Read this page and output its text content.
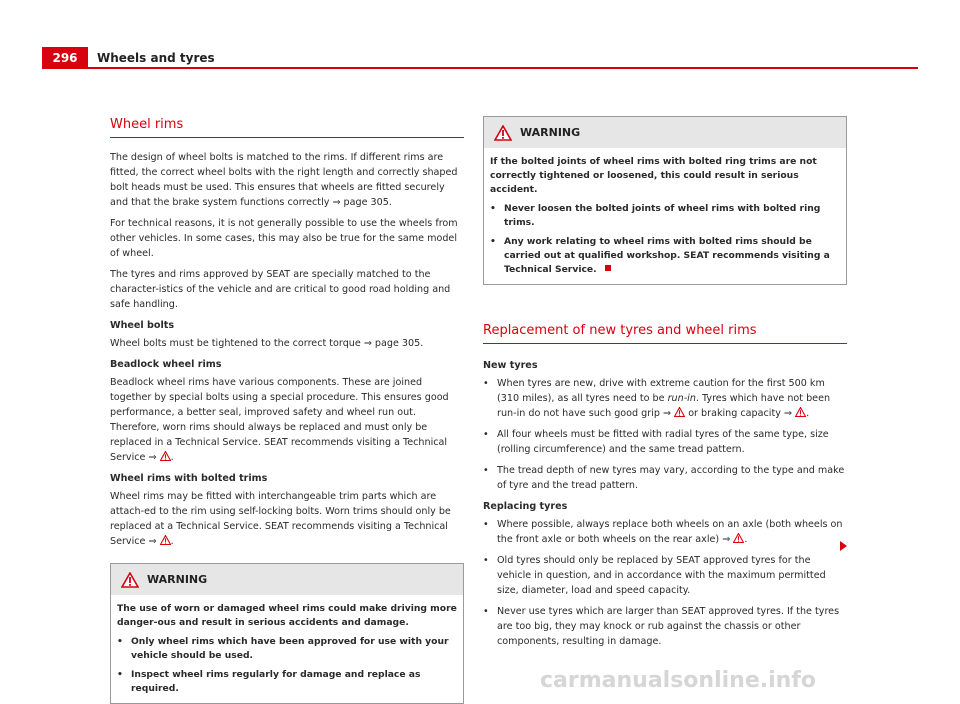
296	Wheels and tyres
Wheel rims

The design of wheel bolts is matched to the rims. If different rims are fitted, the correct wheel bolts with the right length and correctly shaped bolt heads must be used. This ensures that wheels are fitted securely and that the brake system functions correctly ⇒ page 305.

For technical reasons, it is not generally possible to use the wheels from other vehicles. In some cases, this may also be true for the same model of wheel.

The tyres and rims approved by SEAT are specially matched to the character-istics of the vehicle and are critical to good road holding and safe handling.

Wheel bolts

Wheel bolts must be tightened to the correct torque ⇒ page 305.

Beadlock wheel rims

Beadlock wheel rims have various components. These are joined together by special bolts using a special procedure. This ensures good performance, a better seal, improved safety and wheel run out. Therefore, worn rims should always be replaced and must only be replaced in a Technical Service. SEAT recommends visiting a Technical Service ⇒ .

Wheel rims with bolted trims

Wheel rims may be fitted with interchangeable trim parts which are attach-ed to the rim using self-locking bolts. Worn trims should only be replaced at a Technical Service. SEAT recommends visiting a Technical Service ⇒ .

WARNING

The use of worn or damaged wheel rims could make driving more danger-ous and result in serious accidents and damage.

• Only wheel rims which have been approved for use with your vehicle should be used.
• Inspect wheel rims regularly for damage and replace as required.
WARNING

If the bolted joints of wheel rims with bolted ring trims are not correctly tightened or loosened, this could result in serious accident.

• Never loosen the bolted joints of wheel rims with bolted ring trims.
• Any work relating to wheel rims with bolted rims should be carried out at qualified workshop. SEAT recommends visiting a Technical Service.
Replacement of new tyres and wheel rims
New tyres
• When tyres are new, drive with extreme caution for the first 500 km (310 miles), as all tyres need to be run-in. Tyres which have not been run-in do not have such good grip ⇒ or braking capacity ⇒ .
• All four wheels must be fitted with radial tyres of the same type, size (rolling circumference) and the same tread pattern.
• The tread depth of new tyres may vary, according to the type and make of tyre and the tread pattern.
Replacing tyres
• Where possible, always replace both wheels on an axle (both wheels on the front axle or both wheels on the rear axle) ⇒ .
• Old tyres should only be replaced by SEAT approved tyres for the vehicle in question, and in accordance with the maximum permitted size, diameter, load and speed capacity.
• Never use tyres which are larger than SEAT approved tyres. If the tyres are too big, they may knock or rub against the chassis or other components, resulting in damage.
carmanualsonline.info
